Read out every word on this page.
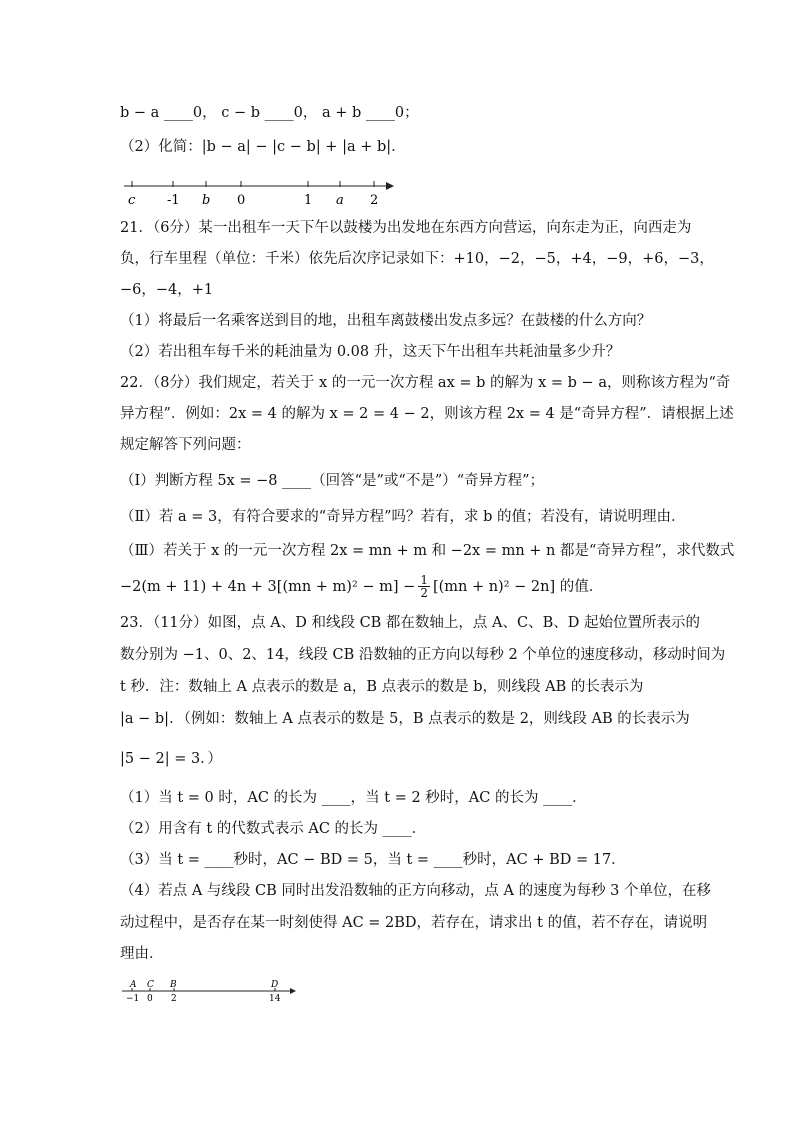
b − a ____0， c − b ____0， a + b ____0；
（2）化简：|b − a| − |c − b| + |a + b|．
c -1 b 0	1 a 2
21．（6分）某一出租车一天下午以鼓楼为出发地在东西方向营运，向东走为正，向西走为
负，行车里程（单位：千米）依先后次序记录如下：+10，−2，−5，+4，−9，+6，−3，
−6，−4，+1
（1）将最后一名乘客送到目的地，出租车离鼓楼出发点多远？在鼓楼的什么方向？
（2）若出租车每千米的耗油量为 0.08 升，这天下午出租车共耗油量多少升？
22．（8分）我们规定，若关于 x 的一元一次方程 ax = b 的解为 x = b − a，则称该方程为“奇
异方程”．例如：2x = 4 的解为 x = 2 = 4 − 2，则该方程 2x = 4 是“奇异方程”．请根据上述
规定解答下列问题：
（Ⅰ）判断方程 5x = −8 ____（回答“是”或“不是”）“奇异方程”；
（Ⅱ）若 a = 3，有符合要求的“奇异方程”吗？若有，求 b 的值；若没有，请说明理由．
（Ⅲ）若关于 x 的一元一次方程 2x = mn + m 和 −2x = mn + n 都是“奇异方程”，求代数式
$-2(m + 11) + 4n + 3[(mn + m)^2 - m] - \frac{1}{2} [(mn + n)^2 - 2n]$ 的值．
23．（11分）如图，点 A、D 和线段 CB 都在数轴上，点 A、C、B、D 起始位置所表示的
数分别为 −1、0、2、14，线段 CB 沿数轴的正方向以每秒 2 个单位的速度移动，移动时间为
t 秒．注：数轴上 A 点表示的数是 a，B 点表示的数是 b，则线段 AB 的长表示为
|a − b|．（例如：数轴上 A 点表示的数是 5，B 点表示的数是 2，则线段 AB 的长表示为
|5 − 2| = 3．）
（1）当 t = 0 时，AC 的长为 ____，当 t = 2 秒时，AC 的长为 ____．
（2）用含有 t 的代数式表示 AC 的长为 ____．
（3）当 t = ____秒时，AC − BD = 5，当 t = ____秒时，AC + BD = 17．
（4）若点 A 与线段 CB 同时出发沿数轴的正方向移动，点 A 的速度为每秒 3 个单位，在移
动过程中，是否存在某一时刻使得 AC = 2BD，若存在，请求出 t 的值，若不存在，请说明
理由．
A C B	D
−1 0 2	14
